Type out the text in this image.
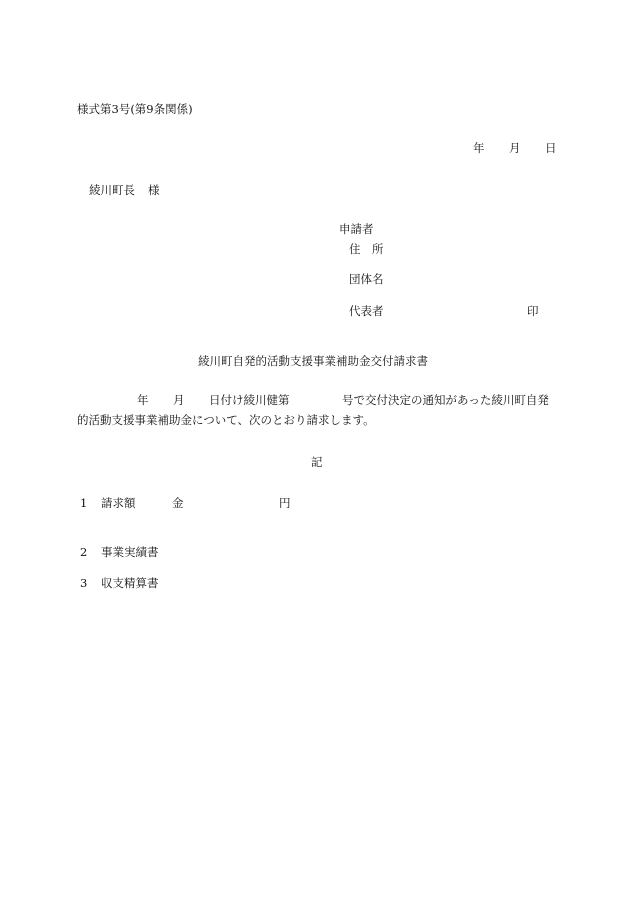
様式第3号(第9条関係)
年 月 日
綾川町長 様
申請者
住　所
団体名
代表者	印
綾川町自発的活動支援事業補助金交付請求書
年 月 日付け綾川健第	号で交付決定の通知があった綾川町自発
的活動支援事業補助金について、次のとおり請求します。
記
1 請求額	金	円
2 事業実績書
3 収支精算書
